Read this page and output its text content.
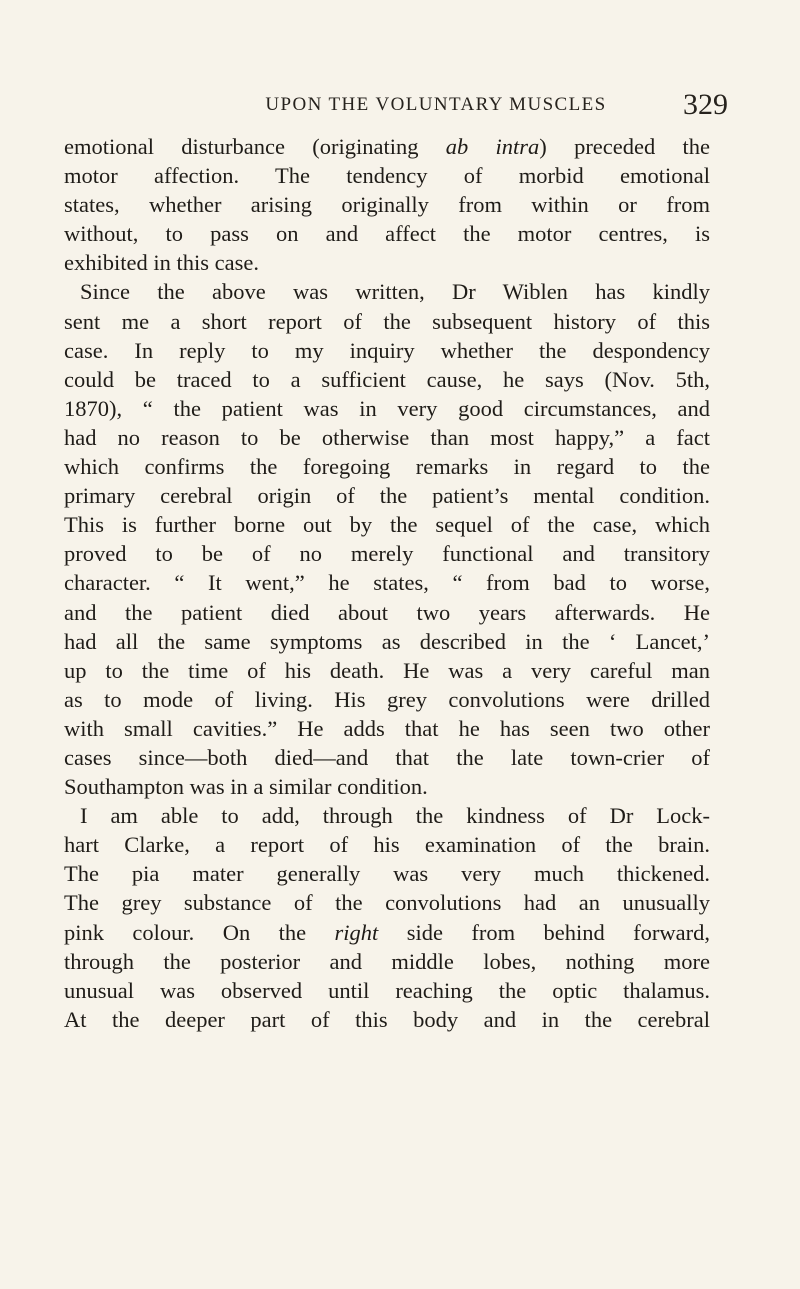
UPON THE VOLUNTARY MUSCLES	329
emotional disturbance (originating ab intra) preceded the
motor affection. The tendency of morbid emotional
states, whether arising originally from within or from
without, to pass on and affect the motor centres, is
exhibited in this case.
Since the above was written, Dr Wiblen has kindly
sent me a short report of the subsequent history of this
case. In reply to my inquiry whether the despondency
could be traced to a sufficient cause, he says (Nov. 5th,
1870), “ the patient was in very good circumstances, and
had no reason to be otherwise than most happy,” a fact
which confirms the foregoing remarks in regard to the
primary cerebral origin of the patient’s mental condition.
This is further borne out by the sequel of the case, which
proved to be of no merely functional and transitory
character. “ It went,” he states, “ from bad to worse,
and the patient died about two years afterwards. He
had all the same symptoms as described in the ‘ Lancet,’
up to the time of his death. He was a very careful man
as to mode of living. His grey convolutions were drilled
with small cavities.” He adds that he has seen two other
cases since—both died—and that the late town-crier of
Southampton was in a similar condition.
I am able to add, through the kindness of Dr Lock-
hart Clarke, a report of his examination of the brain.
The pia mater generally was very much thickened.
The grey substance of the convolutions had an unusually
pink colour. On the right side from behind forward,
through the posterior and middle lobes, nothing more
unusual was observed until reaching the optic thalamus.
At the deeper part of this body and in the cerebral
